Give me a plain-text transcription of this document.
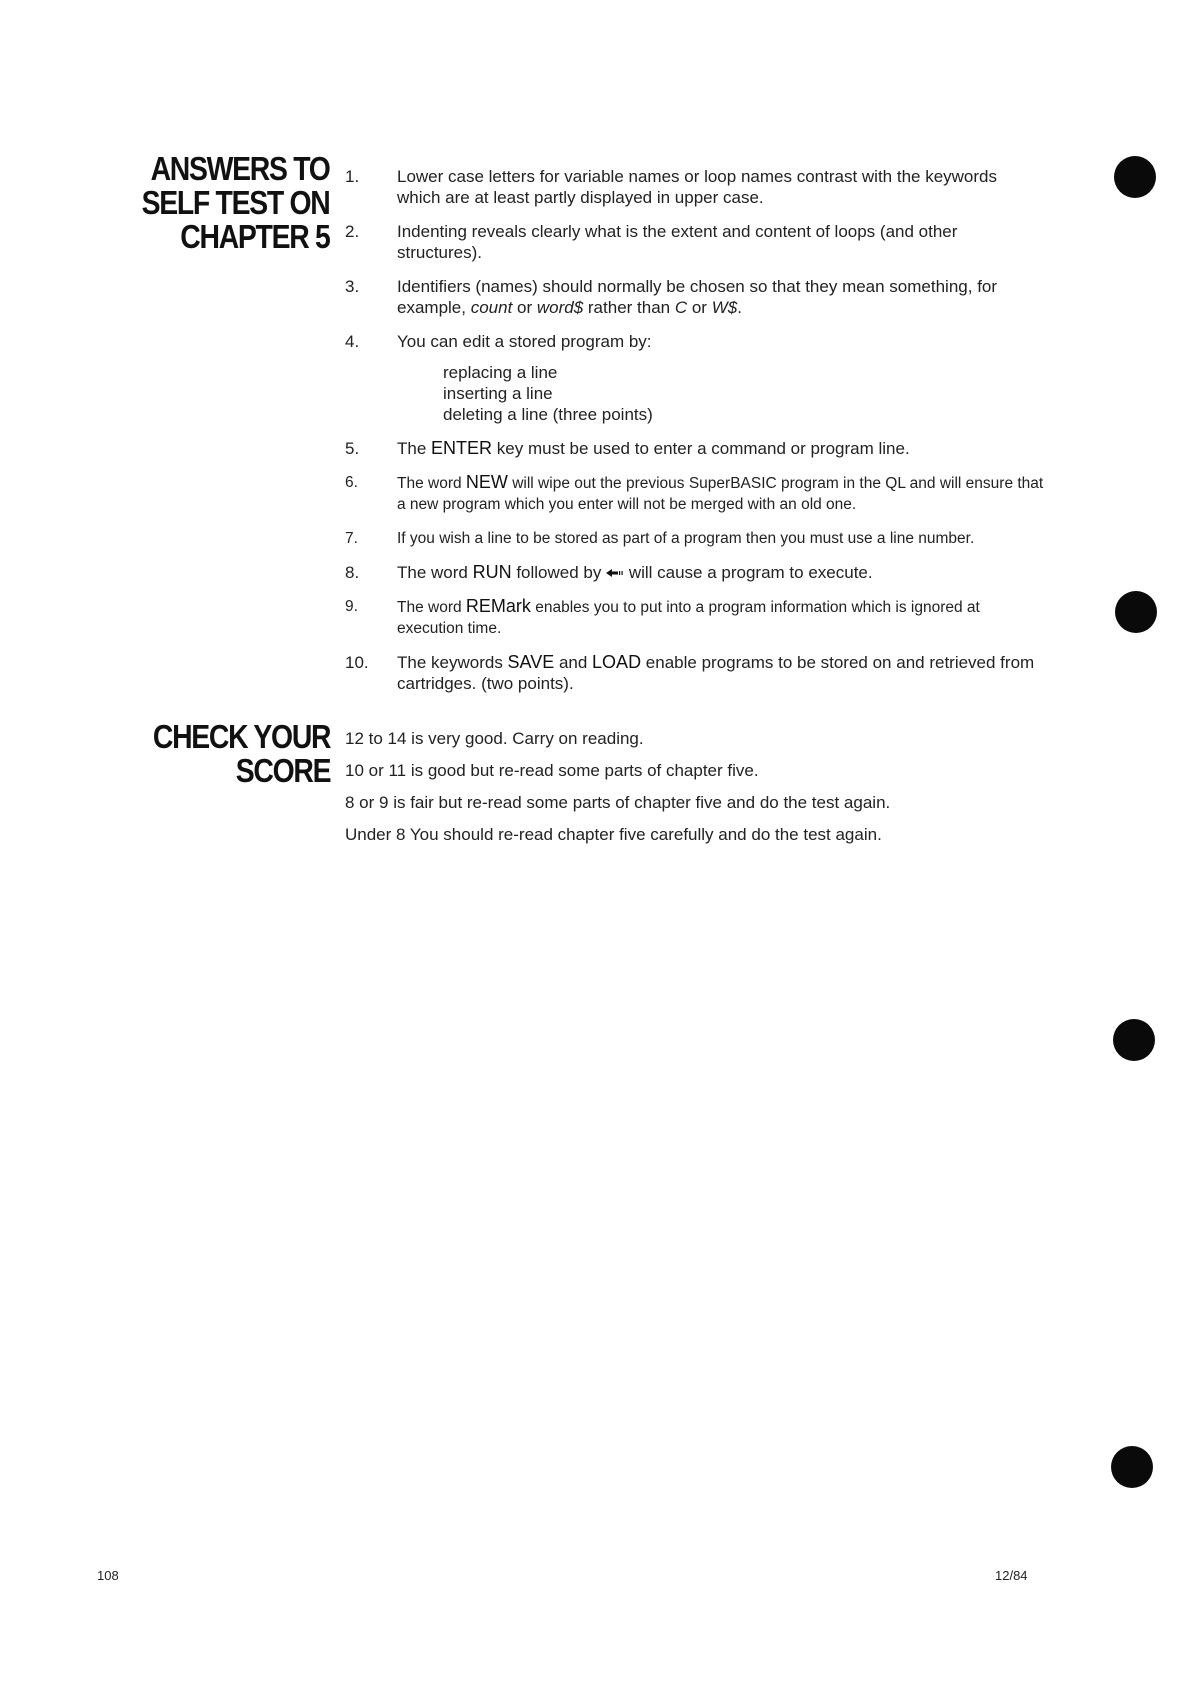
ANSWERS TO
SELF TEST ON
CHAPTER 5
CHECK YOUR
SCORE
1.	Lower case letters for variable names or loop names contrast with the keywords which are at least partly displayed in upper case.
2.	Indenting reveals clearly what is the extent and content of loops (and other structures).
3.	Identifiers (names) should normally be chosen so that they mean something, for example, count or word$ rather than C or W$.
4.	You can edit a stored program by:
replacing a line
inserting a line
deleting a line (three points)
5.	The ENTER key must be used to enter a command or program line.
6.	The word NEW will wipe out the previous SuperBASIC program in the QL and will ensure that a new program which you enter will not be merged with an old one.
7.	If you wish a line to be stored as part of a program then you must use a line number.
8.	The word RUN followed by  will cause a program to execute.
9.	The word REMark enables you to put into a program information which is ignored at execution time.
10.	The keywords SAVE and LOAD enable programs to be stored on and retrieved from cartridges. (two points).
12 to 14 is very good. Carry on reading.
10 or 11 is good but re-read some parts of chapter five.
8 or 9 is fair but re-read some parts of chapter five and do the test again.
Under 8 You should re-read chapter five carefully and do the test again.
108	12/84
